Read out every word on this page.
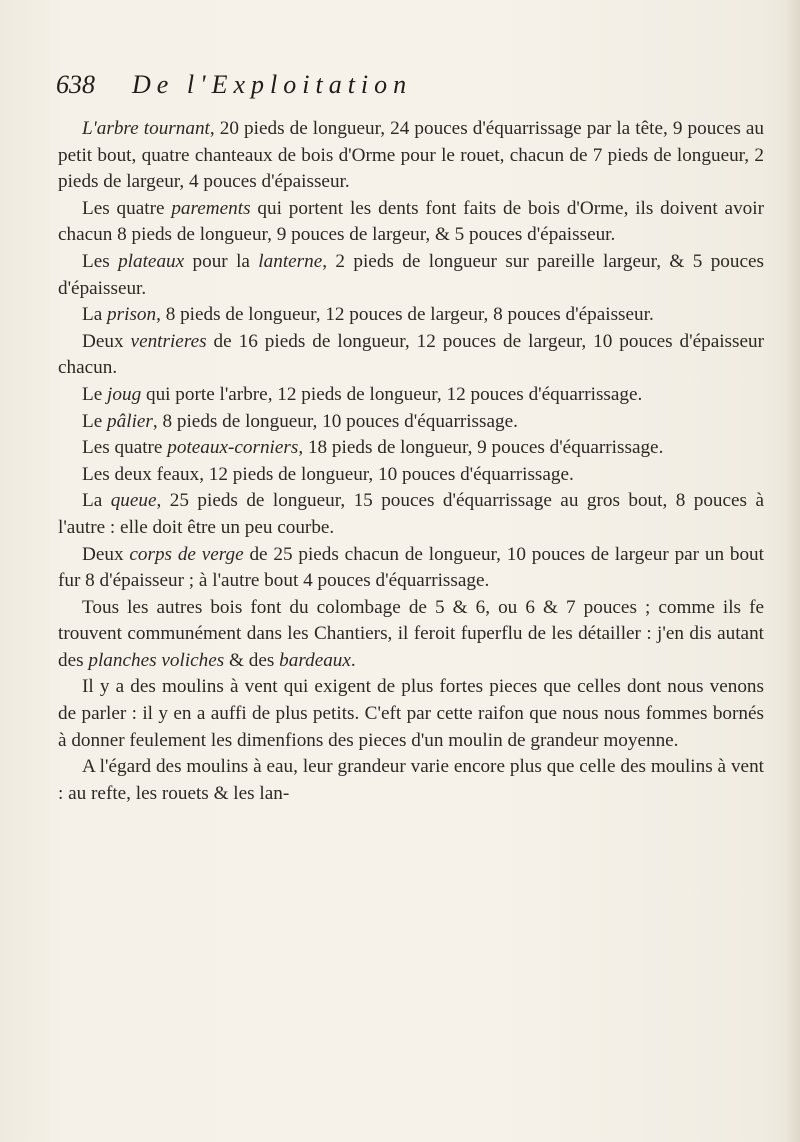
638 De l'Exploitation

L'arbre tournant, 20 pieds de longueur, 24 pouces d'équarrissage par la tête, 9 pouces au petit bout, quatre chanteaux de bois d'Orme pour le rouet, chacun de 7 pieds de longueur, 2 pieds de largeur, 4 pouces d'épaisseur.

Les quatre parements qui portent les dents font faits de bois d'Orme, ils doivent avoir chacun 8 pieds de longueur, 9 pouces de largeur, & 5 pouces d'épaisseur.

Les plateaux pour la lanterne, 2 pieds de longueur sur pareille largeur, & 5 pouces d'épaisseur.

La prison, 8 pieds de longueur, 12 pouces de largeur, 8 pouces d'épaisseur.

Deux ventrieres de 16 pieds de longueur, 12 pouces de largeur, 10 pouces d'épaisseur chacun.

Le joug qui porte l'arbre, 12 pieds de longueur, 12 pouces d'équarrissage.

Le pâlier, 8 pieds de longueur, 10 pouces d'équarrissage.

Les quatre poteaux-corniers, 18 pieds de longueur, 9 pouces d'équarrissage.

Les deux feaux, 12 pieds de longueur, 10 pouces d'équarrissage.

La queue, 25 pieds de longueur, 15 pouces d'équarrissage au gros bout, 8 pouces à l'autre : elle doit être un peu courbe.

Deux corps de verge de 25 pieds chacun de longueur, 10 pouces de largeur par un bout fur 8 d'épaisseur ; à l'autre bout 4 pouces d'équarrissage.

Tous les autres bois font du colombage de 5 & 6, ou 6 & 7 pouces ; comme ils fe trouvent communément dans les Chantiers, il feroit fuperflu de les détailler : j'en dis autant des planches voliches & des bardeaux.

Il y a des moulins à vent qui exigent de plus fortes pieces que celles dont nous venons de parler : il y en a auffi de plus petits. C'eft par cette raifon que nous nous fommes bornés à donner feulement les dimenfions des pieces d'un moulin de grandeur moyenne.

A l'égard des moulins à eau, leur grandeur varie encore plus que celle des moulins à vent : au refte, les rouets & les lan-
